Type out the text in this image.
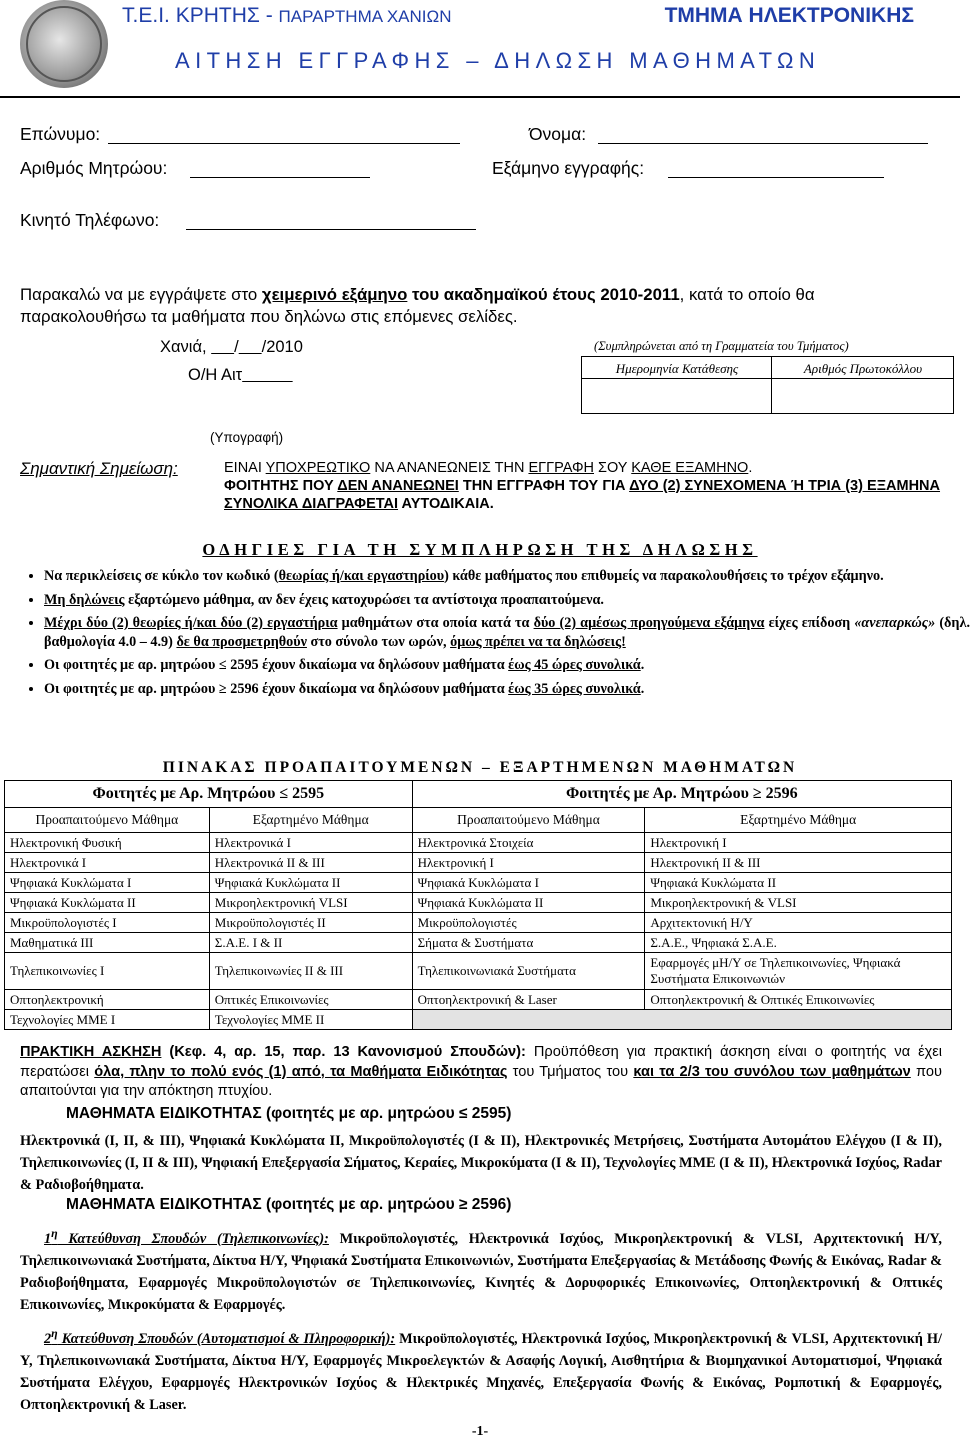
Τ.Ε.Ι. ΚΡΗΤΗΣ - ΠΑΡΑΡΤΗΜΑ ΧΑΝΙΩΝ	ΤΜΗΜΑ ΗΛΕΚΤΡΟΝΙΚΗΣ
ΑΙΤΗΣΗ ΕΓΓΡΑΦΗΣ – ΔΗΛΩΣΗ ΜΑΘΗΜΑΤΩΝ
Επώνυμο:	Όνομα:
Αριθμός Μητρώου:	Εξάμηνο εγγραφής:
Κινητό Τηλέφωνο:
Παρακαλώ να με εγγράψετε στο χειμερινό εξάμηνο του ακαδημαϊκού έτους 2010-2011, κατά το οποίο θα παρακολουθήσω τα μαθήματα που δηλώνω στις επόμενες σελίδες.
Χανιά, / /2010
Ο/Η Αιτ
(Υπογραφή)
(Συμπληρώνεται από τη Γραμματεία του Τμήματος)
Ημερομηνία Κατάθεσης	Αριθμός Πρωτοκόλλου
Σημαντική Σημείωση:	ΕΙΝΑΙ ΥΠΟΧΡΕΩΤΙΚΟ ΝΑ ΑΝΑΝΕΩΝΕΙΣ ΤΗΝ ΕΓΓΡΑΦΗ ΣΟΥ ΚΑΘΕ ΕΞΑΜΗΝΟ.
ΦΟΙΤΗΤΗΣ ΠΟΥ ΔΕΝ ΑΝΑΝΕΩΝΕΙ ΤΗΝ ΕΓΓΡΑΦΗ ΤΟΥ ΓΙΑ ΔΥΟ (2) ΣΥΝΕΧΟΜΕΝΑ Ή ΤΡΙΑ (3) ΕΞΑΜΗΝΑ ΣΥΝΟΛΙΚΑ ΔΙΑΓΡΑΦΕΤΑΙ ΑΥΤΟΔΙΚΑΙΑ.
ΟΔΗΓΙΕΣ ΓΙΑ ΤΗ ΣΥΜΠΛΗΡΩΣΗ ΤΗΣ ΔΗΛΩΣΗΣ
• Να περικλείσεις σε κύκλο τον κωδικό (θεωρίας ή/και εργαστηρίου) κάθε μαθήματος που επιθυμείς να παρακολουθήσεις το τρέχον εξάμηνο.
• Μη δηλώνεις εξαρτώμενο μάθημα, αν δεν έχεις κατοχυρώσει τα αντίστοιχα προαπαιτούμενα.
• Μέχρι δύο (2) θεωρίες ή/και δύο (2) εργαστήρια μαθημάτων στα οποία κατά τα δύο (2) αμέσως προηγούμενα εξάμηνα είχες επίδοση «ανεπαρκώς» (δηλ. βαθμολογία 4.0 – 4.9) δε θα προσμετρηθούν στο σύνολο των ωρών, όμως πρέπει να τα δηλώσεις!
• Οι φοιτητές με αρ. μητρώου ≤ 2595 έχουν δικαίωμα να δηλώσουν μαθήματα έως 45 ώρες συνολικά.
• Οι φοιτητές με αρ. μητρώου ≥ 2596 έχουν δικαίωμα να δηλώσουν μαθήματα έως 35 ώρες συνολικά.
ΠΙΝΑΚΑΣ ΠΡΟΑΠΑΙΤΟΥΜΕΝΩΝ – ΕΞΑΡΤΗΜΕΝΩΝ ΜΑΘΗΜΑΤΩΝ
Φοιτητές με Αρ. Μητρώου ≤ 2595		Φοιτητές με Αρ. Μητρώου ≥ 2596	
Προαπαιτούμενο Μάθημα	Εξαρτημένο Μάθημα	Προαπαιτούμενο Μάθημα	Εξαρτημένο Μάθημα
Ηλεκτρονική Φυσική	Ηλεκτρονικά Ι	Ηλεκτρονικά Στοιχεία	Ηλεκτρονική Ι
Ηλεκτρονικά Ι	Ηλεκτρονικά ΙΙ & ΙΙΙ	Ηλεκτρονική Ι	Ηλεκτρονική ΙΙ & ΙΙΙ
Ψηφιακά Κυκλώματα Ι	Ψηφιακά Κυκλώματα ΙΙ	Ψηφιακά Κυκλώματα Ι	Ψηφιακά Κυκλώματα ΙΙ
Ψηφιακά Κυκλώματα ΙΙ	Μικροηλεκτρονική VLSI	Ψηφιακά Κυκλώματα ΙΙ	Μικροηλεκτρονική & VLSI
Μικροϋπολογιστές Ι	Μικροϋπολογιστές ΙΙ	Μικροϋπολογιστές	Αρχιτεκτονική Η/Υ
Μαθηματικά ΙΙΙ	Σ.Α.Ε. Ι & ΙΙ	Σήματα & Συστήματα	Σ.Α.Ε., Ψηφιακά Σ.Α.Ε.
Τηλεπικοινωνίες Ι	Τηλεπικοινωνίες ΙΙ & ΙΙΙ	Τηλεπικοινωνιακά Συστήματα	Εφαρμογές μΗ/Υ σε Τηλεπικοινωνίες, Ψηφιακά Συστήματα Επικοινωνιών
Οπτοηλεκτρονική	Οπτικές Επικοινωνίες	Οπτοηλεκτρονική & Laser	Οπτοηλεκτρονική & Οπτικές Επικοινωνίες
Τεχνολογίες ΜΜΕ Ι	Τεχνολογίες ΜΜΕ ΙΙ		
ΠΡΑΚΤΙΚΗ ΑΣΚΗΣΗ (Κεφ. 4, αρ. 15, παρ. 13 Κανονισμού Σπουδών): Προϋπόθεση για πρακτική άσκηση είναι ο φοιτητής να έχει περατώσει όλα, πλην το πολύ ενός (1) από, τα Μαθήματα Ειδικότητας του Τμήματος του και τα 2/3 του συνόλου των μαθημάτων που απαιτούνται για την απόκτηση πτυχίου.
ΜΑΘΗΜΑΤΑ ΕΙΔΙΚΟΤΗΤΑΣ (φοιτητές με αρ. μητρώου ≤ 2595)
Ηλεκτρονικά (Ι, ΙΙ, & ΙΙΙ), Ψηφιακά Κυκλώματα ΙΙ, Μικροϋπολογιστές (Ι & ΙΙ), Ηλεκτρονικές Μετρήσεις, Συστήματα Αυτομάτου Ελέγχου (Ι & ΙΙ), Τηλεπικοινωνίες (Ι, ΙΙ & ΙΙΙ), Ψηφιακή Επεξεργασία Σήματος, Κεραίες, Μικροκύματα (Ι & ΙΙ), Τεχνολογίες ΜΜΕ (Ι & ΙΙ), Ηλεκτρονικά Ισχύος, Radar & Ραδιοβοήθηματα.
ΜΑΘΗΜΑΤΑ ΕΙΔΙΚΟΤΗΤΑΣ (φοιτητές με αρ. μητρώου ≥ 2596)
$1^\eta$ Κατεύθυνση Σπουδών (Τηλεπικοινωνίες): Μικροϋπολογιστές, Ηλεκτρονικά Ισχύος, Μικροηλεκτρονική & VLSI, Αρχιτεκτονική Η/Υ, Τηλεπικοινωνιακά Συστήματα, Δίκτυα Η/Υ, Ψηφιακά Συστήματα Επικοινωνιών, Συστήματα Επεξεργασίας & Μετάδοσης Φωνής & Εικόνας, Radar & Ραδιοβοήθηματα, Εφαρμογές Μικροϋπολογιστών σε Τηλεπικοινωνίες, Κινητές & Δορυφορικές Επικοινωνίες, Οπτοηλεκτρονική & Οπτικές Επικοινωνίες, Μικροκύματα & Εφαρμογές.
$2^\eta$ Κατεύθυνση Σπουδών (Αυτοματισμοί & Πληροφορική): Μικροϋπολογιστές, Ηλεκτρονικά Ισχύος, Μικροηλεκτρονική & VLSI, Αρχιτεκτονική Η/Υ, Τηλεπικοινωνιακά Συστήματα, Δίκτυα Η/Υ, Εφαρμογές Μικροελεγκτών & Ασαφής Λογική, Αισθητήρια & Βιομηχανικοί Αυτοματισμοί, Ψηφιακά Συστήματα Ελέγχου, Εφαρμογές Ηλεκτρονικών Ισχύος & Ηλεκτρικές Μηχανές, Επεξεργασία Φωνής & Εικόνας, Ρομποτική & Εφαρμογές, Οπτοηλεκτρονική & Laser.
-1-
